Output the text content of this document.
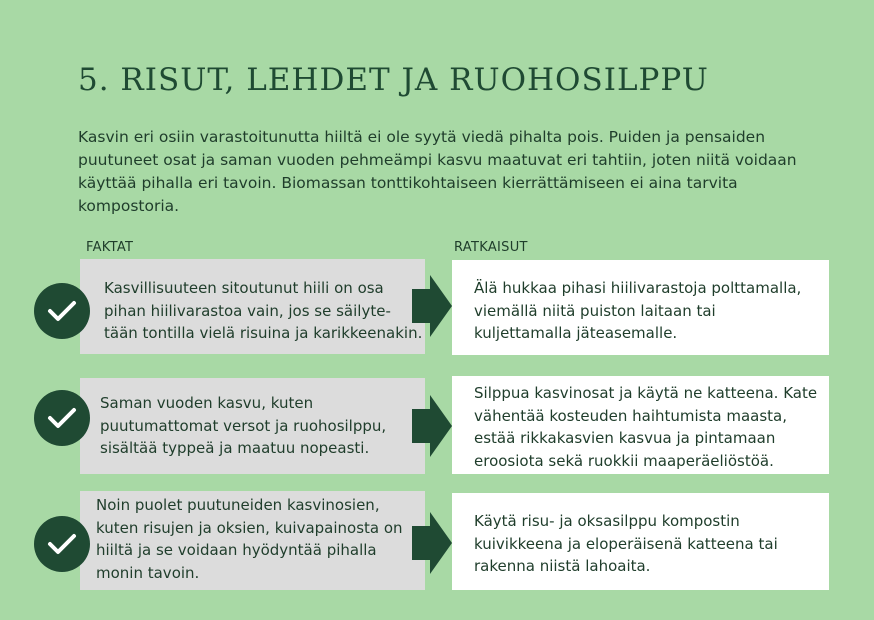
5. RISUT, LEHDET JA RUOHOSILPPU
Kasvin eri osiin varastoitunutta hiiltä ei ole syytä viedä pihalta pois. Puiden ja pensaiden puutuneet osat ja saman vuoden pehmeämpi kasvu maatuvat eri tahtiin, joten niitä voidaan käyttää pihalla eri tavoin. Biomassan tonttikohtaiseen kierrättämiseen ei aina tarvita kompostoria.
FAKTAT	RATKAISUT
Kasvillisuuteen sitoutunut hiili on osa
pihan hiilivarastoa vain, jos se säilyte-
tään tontilla vielä risuina ja karikkeenakin.
Älä hukkaa pihasi hiilivarastoja polttamalla,
viemällä niitä puiston laitaan tai
kuljettamalla jäteasemalle.
Saman vuoden kasvu, kuten
puutumattomat versot ja ruohosilppu,
sisältää typpeä ja maatuu nopeasti.
Silppua kasvinosat ja käytä ne katteena. Kate
vähentää kosteuden haihtumista maasta,
estää rikkakasvien kasvua ja pintamaan
eroosiota sekä ruokkii maaperäeliöstöä.
Noin puolet puutuneiden kasvinosien,
kuten risujen ja oksien, kuivapainosta on
hiiltä ja se voidaan hyödyntää pihalla
monin tavoin.
Käytä risu- ja oksasilppu kompostin
kuivikkeena ja eloperäisenä katteena tai
rakenna niistä lahoaita.
